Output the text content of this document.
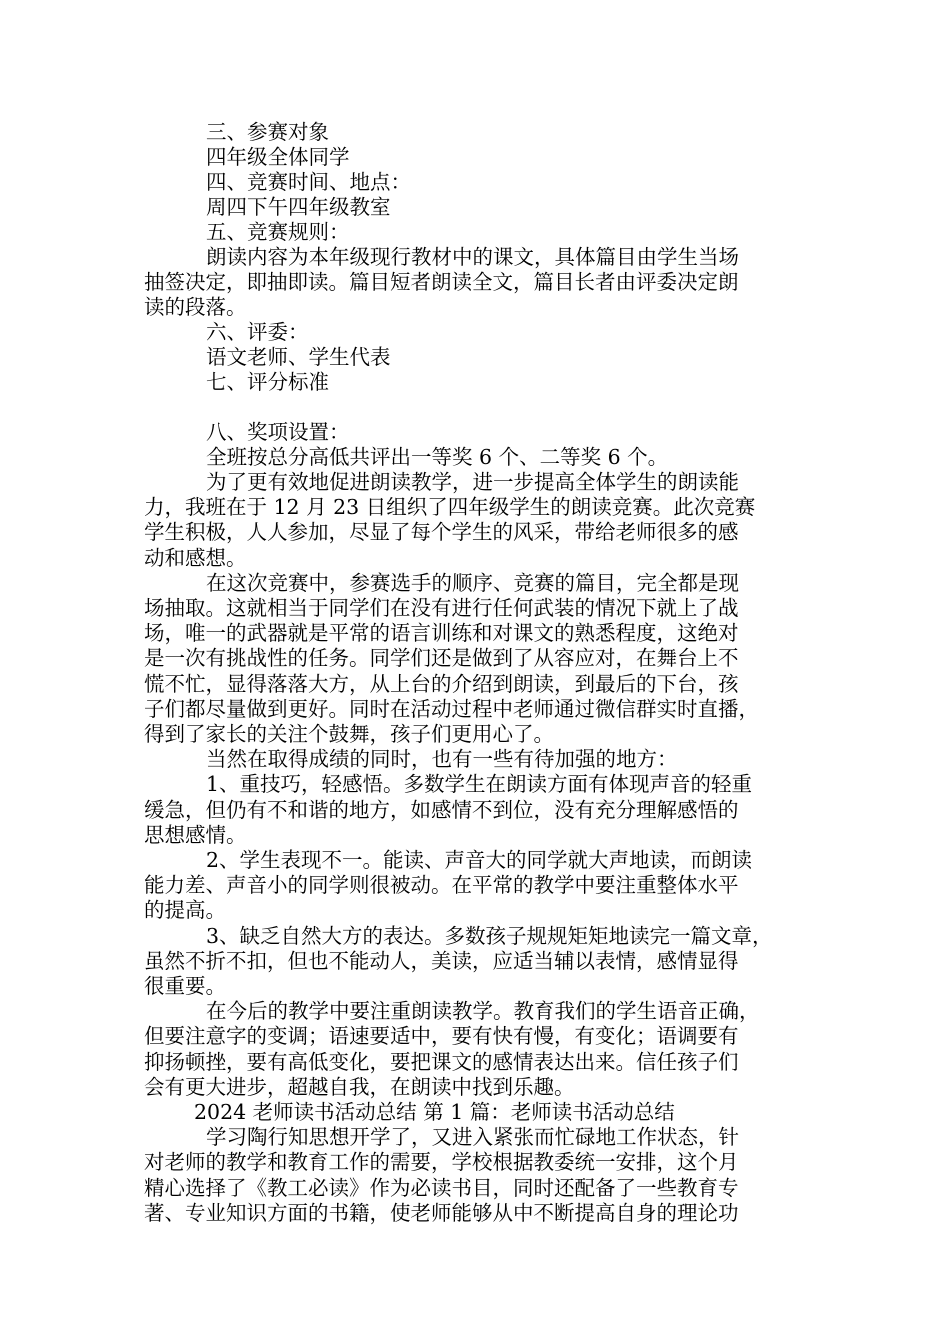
三、参赛对象

四年级全体同学

四、竞赛时间、地点：

周四下午四年级教室

五、竞赛规则：

朗读内容为本年级现行教材中的课文，具体篇目由学生当场

抽签决定，即抽即读。篇目短者朗读全文，篇目长者由评委决定朗

读的段落。

六、评委：

语文老师、学生代表

七、评分标准

八、奖项设置：

全班按总分高低共评出一等奖 6 个、二等奖 6 个。

为了更有效地促进朗读教学，进一步提高全体学生的朗读能

力，我班在于 12 月 23 日组织了四年级学生的朗读竞赛。此次竞赛

学生积极，人人参加，尽显了每个学生的风采，带给老师很多的感

动和感想。

在这次竞赛中，参赛选手的顺序、竞赛的篇目，完全都是现

场抽取。这就相当于同学们在没有进行任何武装的情况下就上了战

场，唯一的武器就是平常的语言训练和对课文的熟悉程度，这绝对

是一次有挑战性的任务。同学们还是做到了从容应对，在舞台上不

慌不忙，显得落落大方，从上台的介绍到朗读，到最后的下台，孩

子们都尽量做到更好。同时在活动过程中老师通过微信群实时直播，

得到了家长的关注个鼓舞，孩子们更用心了。

当然在取得成绩的同时，也有一些有待加强的地方：

1、重技巧，轻感悟。多数学生在朗读方面有体现声音的轻重

缓急，但仍有不和谐的地方，如感情不到位，没有充分理解感悟的

思想感情。

2、学生表现不一。能读、声音大的同学就大声地读，而朗读

能力差、声音小的同学则很被动。在平常的教学中要注重整体水平

的提高。

3、缺乏自然大方的表达。多数孩子规规矩矩地读完一篇文章，

虽然不折不扣，但也不能动人，美读，应适当辅以表情，感情显得

很重要。

在今后的教学中要注重朗读教学。教育我们的学生语音正确，

但要注意字的变调；语速要适中，要有快有慢，有变化；语调要有

抑扬顿挫，要有高低变化，要把课文的感情表达出来。信任孩子们

会有更大进步，超越自我，在朗读中找到乐趣。

2024 老师读书活动总结 第 1 篇：老师读书活动总结

学习陶行知思想开学了，又进入紧张而忙碌地工作状态，针

对老师的教学和教育工作的需要，学校根据教委统一安排，这个月

精心选择了《教工必读》作为必读书目，同时还配备了一些教育专

著、专业知识方面的书籍，使老师能够从中不断提高自身的理论功
